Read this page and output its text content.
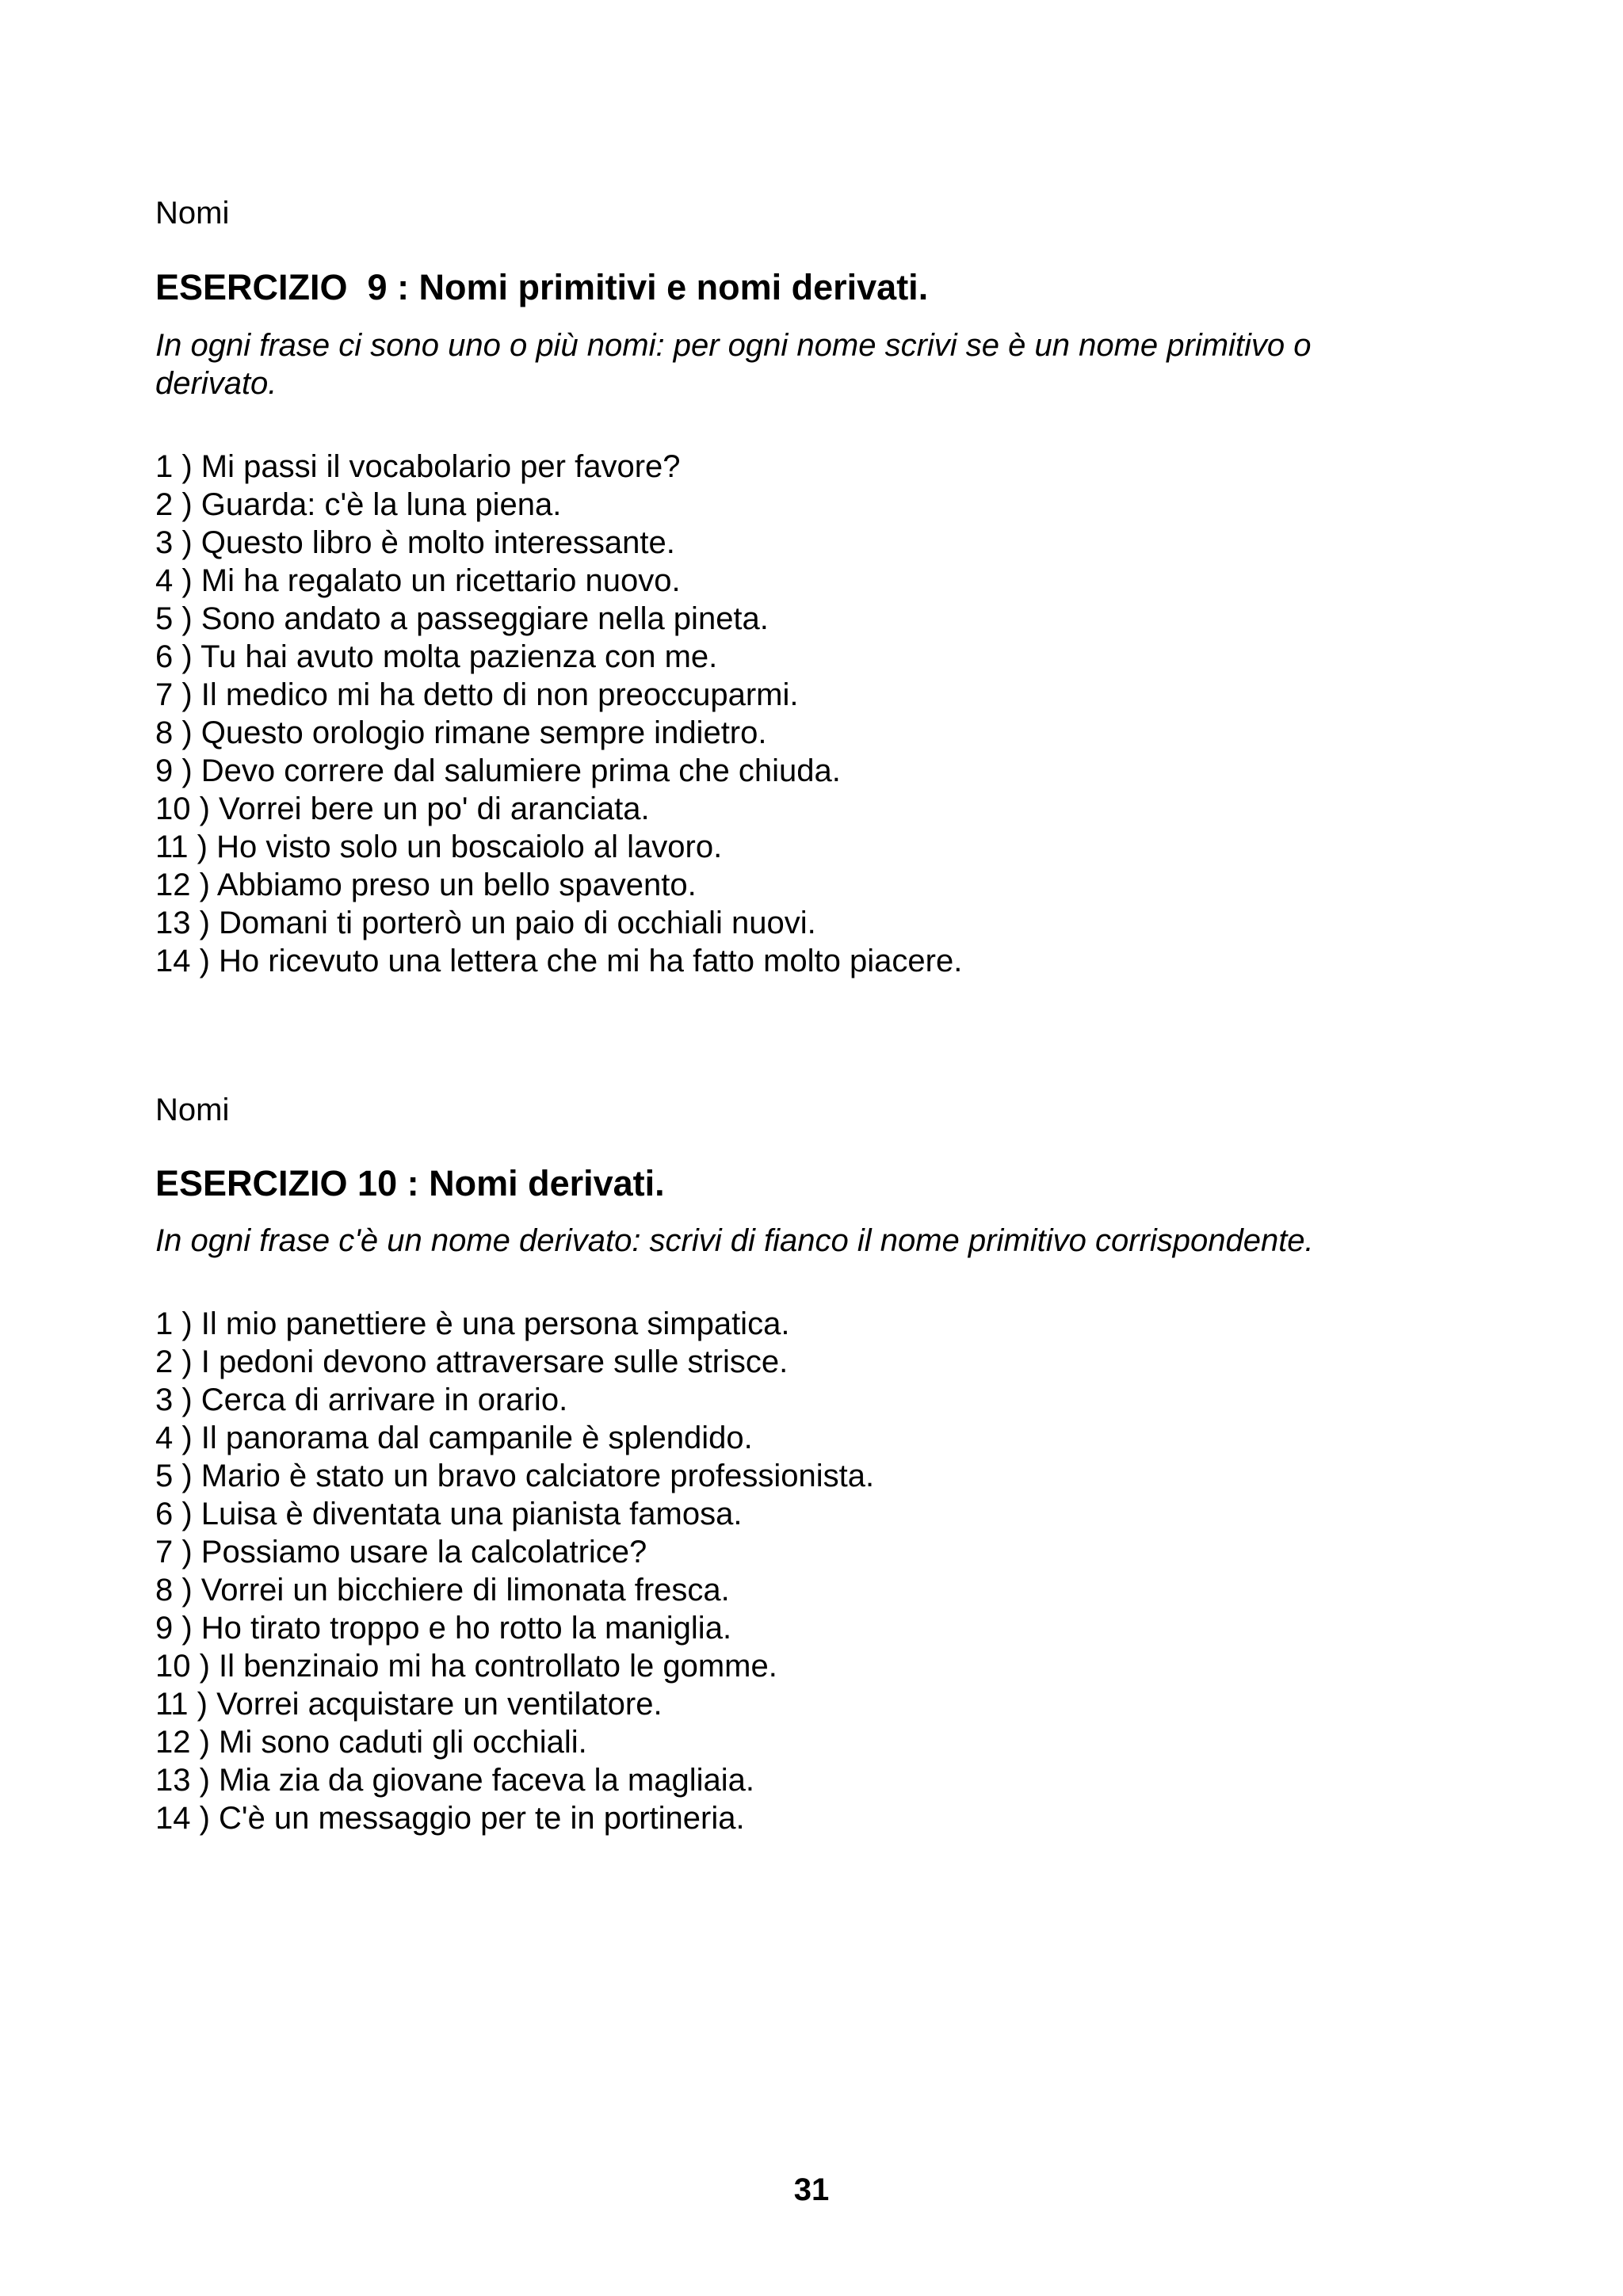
Nomi

ESERCIZIO  9 : Nomi primitivi e nomi derivati.

In ogni frase ci sono uno o più nomi: per ogni nome scrivi se è un nome primitivo o derivato.

1 ) Mi passi il vocabolario per favore?
2 ) Guarda: c'è la luna piena.
3 ) Questo libro è molto interessante.
4 ) Mi ha regalato un ricettario nuovo.
5 ) Sono andato a passeggiare nella pineta.
6 ) Tu hai avuto molta pazienza con me.
7 ) Il medico mi ha detto di non preoccuparmi.
8 ) Questo orologio rimane sempre indietro.
9 ) Devo correre dal salumiere prima che chiuda.
10 ) Vorrei bere un po' di aranciata.
11 ) Ho visto solo un boscaiolo al lavoro.
12 ) Abbiamo preso un bello spavento.
13 ) Domani ti porterò un paio di occhiali nuovi.
14 ) Ho ricevuto una lettera che mi ha fatto molto piacere.

Nomi

ESERCIZIO 10 : Nomi derivati.

In ogni frase c'è un nome derivato: scrivi di fianco il nome primitivo corrispondente.

1 ) Il mio panettiere è una persona simpatica.
2 ) I pedoni devono attraversare sulle strisce.
3 ) Cerca di arrivare in orario.
4 ) Il panorama dal campanile è splendido.
5 ) Mario è stato un bravo calciatore professionista.
6 ) Luisa è diventata una pianista famosa.
7 ) Possiamo usare la calcolatrice?
8 ) Vorrei un bicchiere di limonata fresca.
9 ) Ho tirato troppo e ho rotto la maniglia.
10 ) Il benzinaio mi ha controllato le gomme.
11 ) Vorrei acquistare un ventilatore.
12 ) Mi sono caduti gli occhiali.
13 ) Mia zia da giovane faceva la magliaia.
14 ) C'è un messaggio per te in portineria.

31
